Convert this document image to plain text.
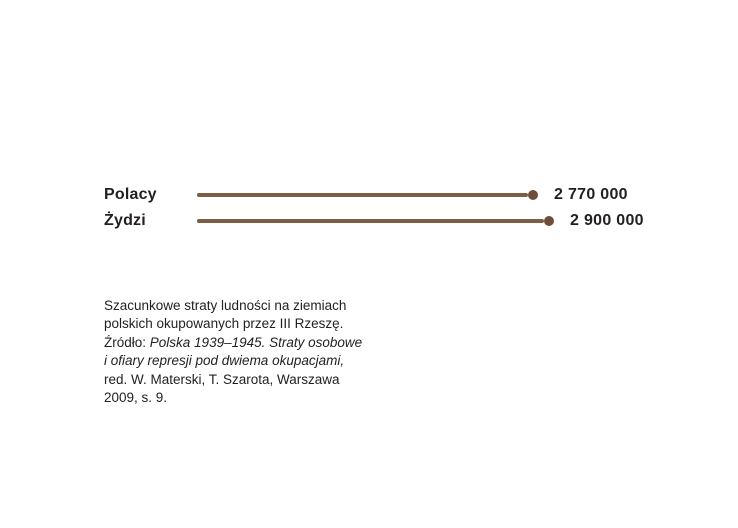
Polacy	2 770 000
Żydzi	2 900 000
Szacunkowe straty ludności na ziemiach
polskich okupowanych przez III Rzeszę.
Źródło: Polska 1939–1945. Straty osobowe
i ofiary represji pod dwiema okupacjami,
red. W. Materski, T. Szarota, Warszawa
2009, s. 9.
